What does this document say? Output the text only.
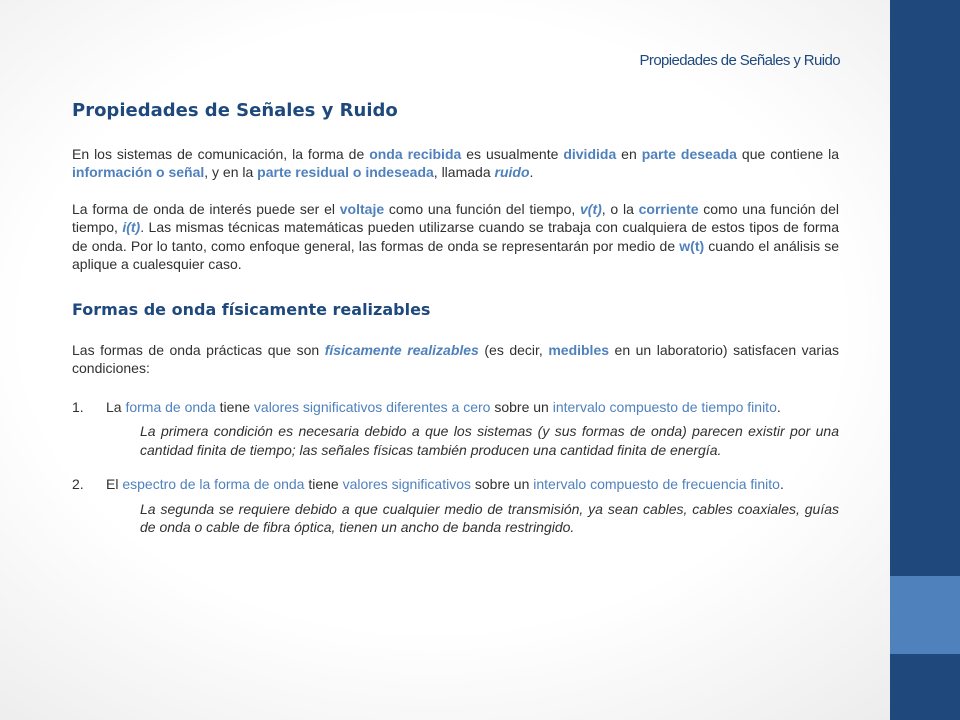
Propiedades de Señales y Ruido
Propiedades de Señales y Ruido

En los sistemas de comunicación, la forma de onda recibida es usualmente dividida en parte deseada que contiene la información o señal, y en la parte residual o indeseada, llamada ruido.

La forma de onda de interés puede ser el voltaje como una función del tiempo, v(t), o la corriente como una función del tiempo, i(t). Las mismas técnicas matemáticas pueden utilizarse cuando se trabaja con cualquiera de estos tipos de forma de onda. Por lo tanto, como enfoque general, las formas de onda se representarán por medio de w(t) cuando el análisis se aplique a cualesquier caso.

Formas de onda físicamente realizables

Las formas de onda prácticas que son físicamente realizables (es decir, medibles en un laboratorio) satisfacen varias condiciones:

1. La forma de onda tiene valores significativos diferentes a cero sobre un intervalo compuesto de tiempo finito.

La primera condición es necesaria debido a que los sistemas (y sus formas de onda) parecen existir por una cantidad finita de tiempo; las señales físicas también producen una cantidad finita de energía.

2. El espectro de la forma de onda tiene valores significativos sobre un intervalo compuesto de frecuencia finito.

La segunda se requiere debido a que cualquier medio de transmisión, ya sean cables, cables coaxiales, guías de onda o cable de fibra óptica, tienen un ancho de banda restringido.
